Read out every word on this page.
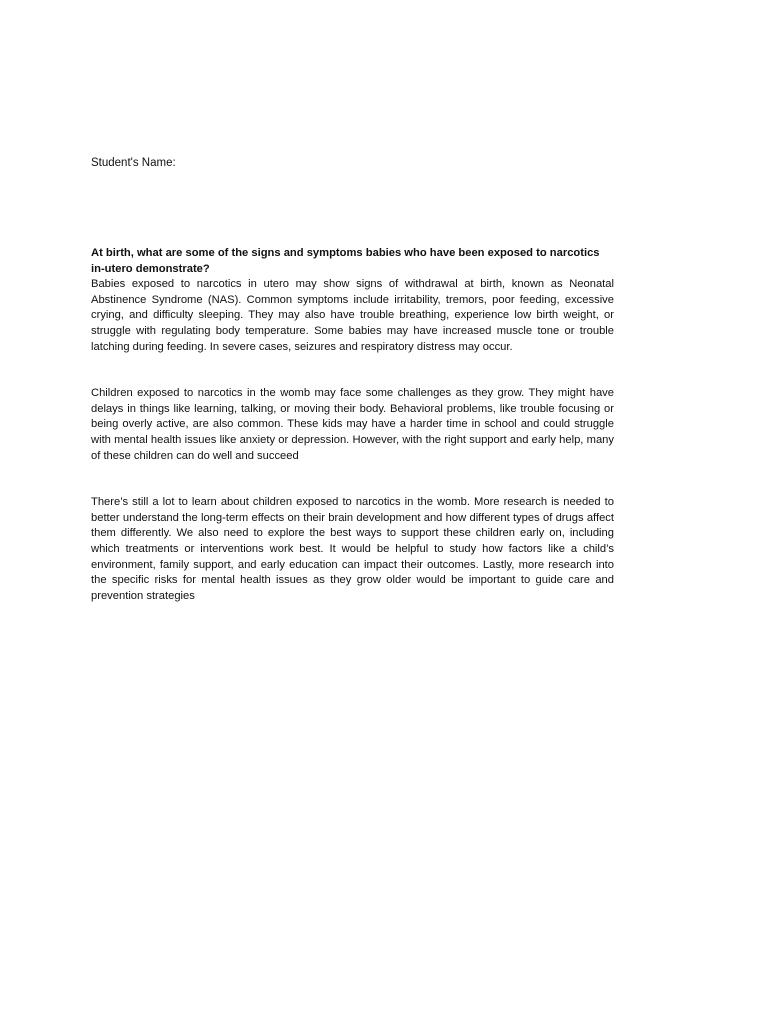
Student's Name:

At birth, what are some of the signs and symptoms babies who have been exposed to narcotics in-utero demonstrate?

Babies exposed to narcotics in utero may show signs of withdrawal at birth, known as Neonatal Abstinence Syndrome (NAS). Common symptoms include irritability, tremors, poor feeding, excessive crying, and difficulty sleeping. They may also have trouble breathing, experience low birth weight, or struggle with regulating body temperature. Some babies may have increased muscle tone or trouble latching during feeding. In severe cases, seizures and respiratory distress may occur.

Children exposed to narcotics in the womb may face some challenges as they grow. They might have delays in things like learning, talking, or moving their body. Behavioral problems, like trouble focusing or being overly active, are also common. These kids may have a harder time in school and could struggle with mental health issues like anxiety or depression. However, with the right support and early help, many of these children can do well and succeed

There’s still a lot to learn about children exposed to narcotics in the womb. More research is needed to better understand the long-term effects on their brain development and how different types of drugs affect them differently. We also need to explore the best ways to support these children early on, including which treatments or interventions work best. It would be helpful to study how factors like a child’s environment, family support, and early education can impact their outcomes. Lastly, more research into the specific risks for mental health issues as they grow older would be important to guide care and prevention strategies
